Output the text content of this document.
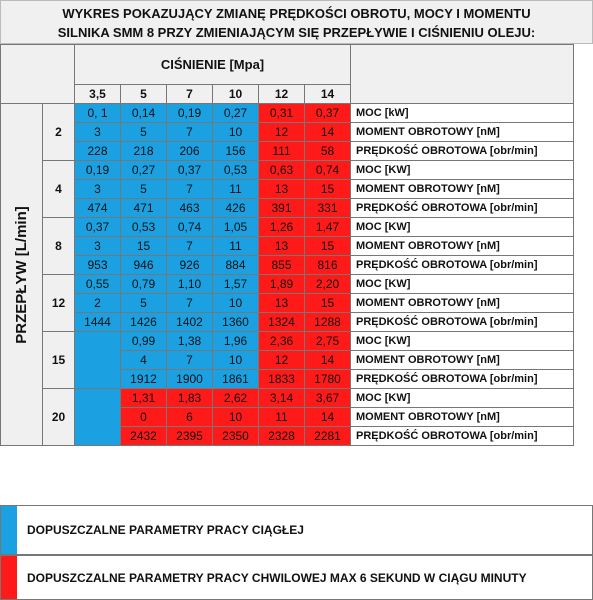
WYKRES POKAZUJĄCY ZMIANĘ PRĘDKOŚCI OBROTU, MOCY I MOMENTU
SILNIKA SMM 8 PRZY ZMIENIAJĄCYM SIĘ PRZEPŁYWIE I CIŚNIENIU OLEJU:
		CIŚNIENIE [Mpa]						
		3,5	5	7	10	12	14	

PRZEPŁYW [L/min]	2	0, 1	0,14	0,19	0,27	0,31	0,37	MOC [kW]
		3	5	7	10	12	14	MOMENT OBROTOWY [nM]
		228	218	206	156	111	58	PRĘDKOŚĆ OBROTOWA [obr/min]
	4	0,19	0,27	0,37	0,53	0,63	0,74	MOC [KW]
		3	5	7	11	13	15	MOMENT OBROTOWY [nM]
		474	471	463	426	391	331	PRĘDKOŚĆ OBROTOWA [obr/min]
	8	0,37	0,53	0,74	1,05	1,26	1,47	MOC [KW]
		3	15	7	11	13	15	MOMENT OBROTOWY [nM]
		953	946	926	884	855	816	PRĘDKOŚĆ OBROTOWA [obr/min]
	12	0,55	0,79	1,10	1,57	1,89	2,20	MOC [KW]
		2	5	7	10	13	15	MOMENT OBROTOWY [nM]
		1444	1426	1402	1360	1324	1288	PRĘDKOŚĆ OBROTOWA [obr/min]
	15		0,99	1,38	1,96	2,36	2,75	MOC [KW]
			4	7	10	12	14	MOMENT OBROTOWY [nM]
			1912	1900	1861	1833	1780	PRĘDKOŚĆ OBROTOWA [obr/min]
	20		1,31	1,83	2,62	3,14	3,67	MOC [KW]
			0	6	10	11	14	MOMENT OBROTOWY [nM]
			2432	2395	2350	2328	2281	PRĘDKOŚĆ OBROTOWA [obr/min]
DOPUSZCZALNE PARAMETRY PRACY CIĄGŁEJ
DOPUSZCZALNE PARAMETRY PRACY CHWILOWEJ MAX 6 SEKUND W CIĄGU MINUTY
